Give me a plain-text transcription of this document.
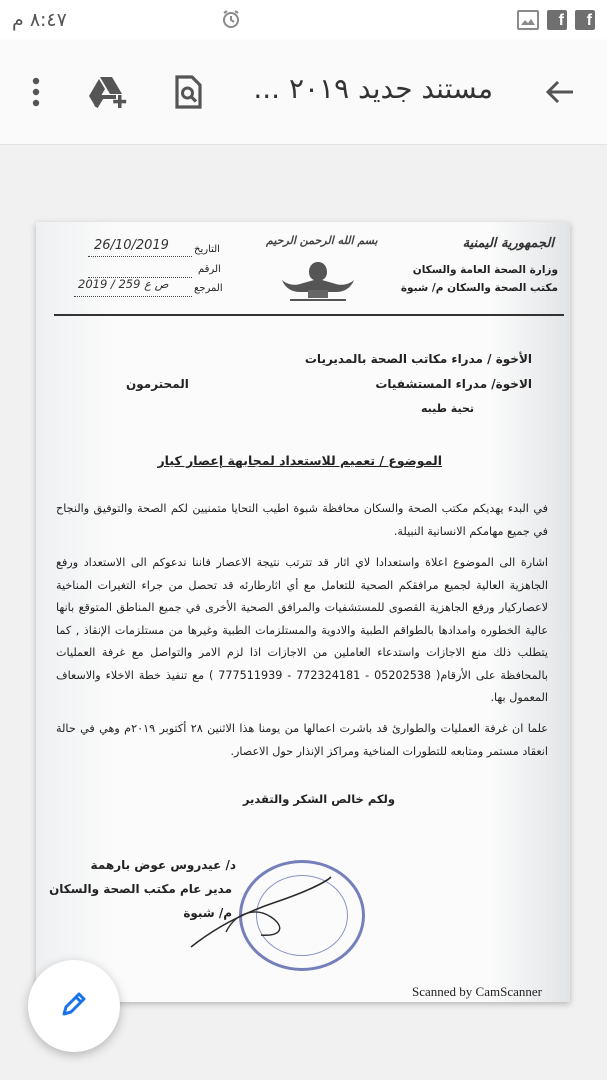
٨:٤٧ م	f	f
مستند جديد ٢٠١٩ ...
الجمهورية اليمنية
وزارة الصحة العامة والسكان
مكتب الصحة والسكان م/ شبوة
بسم الله الرحمن الرحيم
التاريخ
الرقم
المرجع
26/10/2019
ص ع 259 / 2019
الأخوة / مدراء مكاتب الصحة بالمديريات
الاخوة/ مدراء المستشفيات
المحترمون
تحية طيبه
الموضوع / تعميم للاستعداد لمجابهة إعصار كيار
في البدء يهديكم مكتب الصحة والسكان محافظة شبوة اطيب التحايا متمنيين لكم الصحة والتوفيق والنجاح في جميع مهامكم الانسانية النبيلة.
اشارة الى الموضوع اعلاة واستعدادا لاي اثار قد تترتب نتيجة الاعصار فاننا ندعوكم الى الاستعداد ورفع الجاهزية العالية لجميع مرافقكم الصحية للتعامل مع أي اثارطارئه قد تحصل من جراء التغيرات المناخية لاعصاركيار ورفع الجاهزية القصوى للمستشفيات والمرافق الصحية الأخرى في جميع المناطق المتوقع بانها عالية الخطوره وامدادها بالطواقم الطبية والادوية والمستلزمات الطبية وغيرها من مستلزمات الإنقاذ , كما يتطلب ذلك منع الاجازات واستدعاء العاملين من الاجازات اذا لزم الامر والتواصل مع غرفة العمليات بالمحافظة على الأرقام( 05202538 - 772324181 - 777511939 ) مع تنفيذ خطة الاخلاء والاسعاف المعمول بها.
علما ان غرفة العمليات والطوارئ قد باشرت اعمالها من يومنا هذا الاثنين ٢٨ أكتوبر ٢٠١٩م وهي في حالة انعقاد مستمر ومتابعه للتطورات المناخية ومراكز الإنذار حول الاعصار.
ولكم خالص الشكر والتقدير
د/ عيدروس عوض بارهمة
مدير عام مكتب الصحة والسكان
م/ شبوة
Scanned by CamScanner
